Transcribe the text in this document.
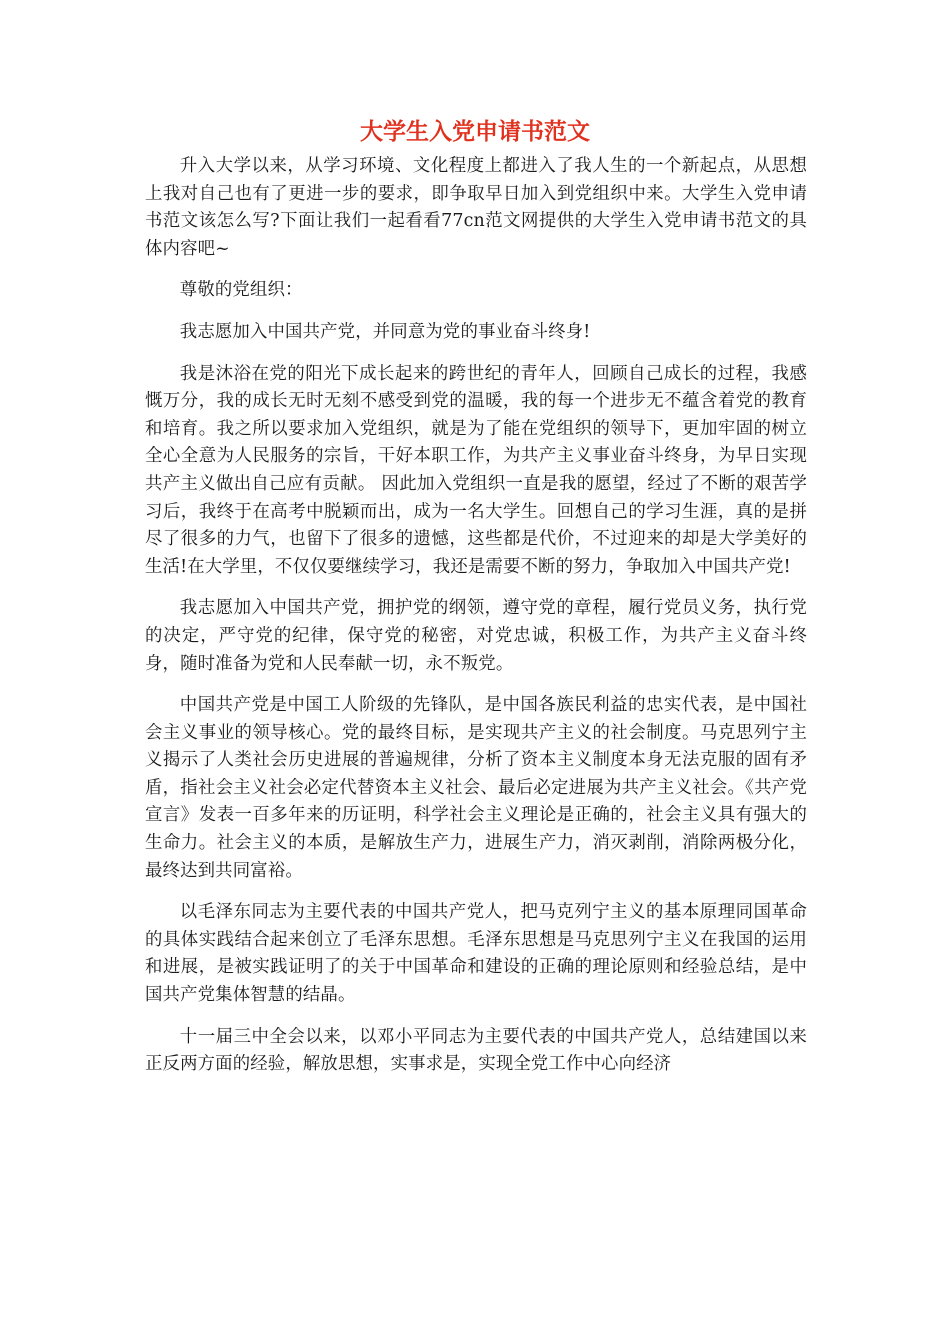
大学生入党申请书范文

升入大学以来，从学习环境、文化程度上都进入了我人生的一个新起点，从思想上我对自己也有了更进一步的要求，即争取早日加入到党组织中来。大学生入党申请书范文该怎么写?下面让我们一起看看77cn范文网提供的大学生入党申请书范文的具体内容吧~

尊敬的党组织：

我志愿加入中国共产党，并同意为党的事业奋斗终身!

我是沐浴在党的阳光下成长起来的跨世纪的青年人，回顾自己成长的过程，我感慨万分，我的成长无时无刻不感受到党的温暖，我的每一个进步无不蕴含着党的教育和培育。我之所以要求加入党组织，就是为了能在党组织的领导下，更加牢固的树立全心全意为人民服务的宗旨，干好本职工作，为共产主义事业奋斗终身，为早日实现共产主义做出自己应有贡献。 因此加入党组织一直是我的愿望，经过了不断的艰苦学习后，我终于在高考中脱颖而出，成为一名大学生。回想自己的学习生涯，真的是拼尽了很多的力气，也留下了很多的遗憾，这些都是代价，不过迎来的却是大学美好的生活!在大学里，不仅仅要继续学习，我还是需要不断的努力，争取加入中国共产党!

我志愿加入中国共产党，拥护党的纲领，遵守党的章程，履行党员义务，执行党的决定，严守党的纪律，保守党的秘密，对党忠诚，积极工作，为共产主义奋斗终身，随时准备为党和人民奉献一切，永不叛党。

中国共产党是中国工人阶级的先锋队，是中国各族民利益的忠实代表，是中国社会主义事业的领导核心。党的最终目标，是实现共产主义的社会制度。马克思列宁主义揭示了人类社会历史进展的普遍规律，分析了资本主义制度本身无法克服的固有矛盾，指社会主义社会必定代替资本主义社会、最后必定进展为共产主义社会。《共产党宣言》发表一百多年来的历证明，科学社会主义理论是正确的，社会主义具有强大的生命力。社会主义的本质，是解放生产力，进展生产力，消灭剥削，消除两极分化，最终达到共同富裕。

以毛泽东同志为主要代表的中国共产党人，把马克列宁主义的基本原理同国革命的具体实践结合起来创立了毛泽东思想。毛泽东思想是马克思列宁主义在我国的运用和进展，是被实践证明了的关于中国革命和建设的正确的理论原则和经验总结，是中国共产党集体智慧的结晶。

十一届三中全会以来，以邓小平同志为主要代表的中国共产党人，总结建国以来正反两方面的经验，解放思想，实事求是，实现全党工作中心向经济
